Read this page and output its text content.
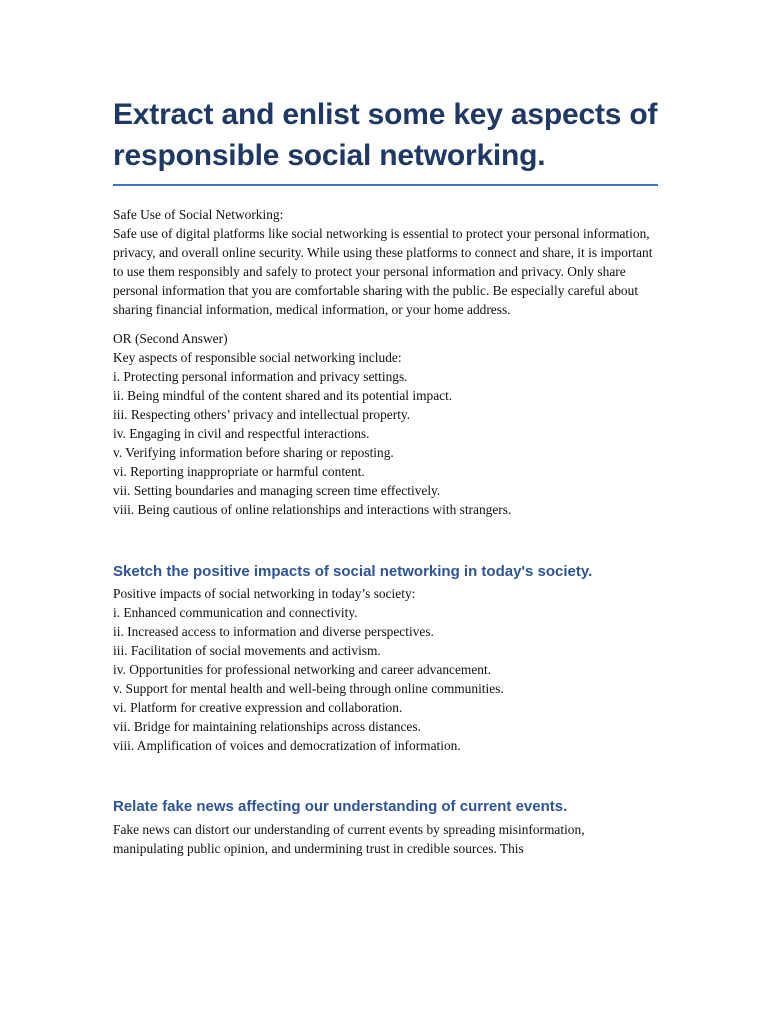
Extract and enlist some key aspects of responsible social networking.

Safe Use of Social Networking:

Safe use of digital platforms like social networking is essential to protect your personal information, privacy, and overall online security. While using these platforms to connect and share, it is important to use them responsibly and safely to protect your personal information and privacy. Only share personal information that you are comfortable sharing with the public. Be especially careful about sharing financial information, medical information, or your home address.

OR (Second Answer)

Key aspects of responsible social networking include:

i. Protecting personal information and privacy settings.
ii. Being mindful of the content shared and its potential impact.
iii. Respecting others’ privacy and intellectual property.
iv. Engaging in civil and respectful interactions.
v. Verifying information before sharing or reposting.
vi. Reporting inappropriate or harmful content.
vii. Setting boundaries and managing screen time effectively.
viii. Being cautious of online relationships and interactions with strangers.
Sketch the positive impacts of social networking in today's society.

Positive impacts of social networking in today’s society:

i. Enhanced communication and connectivity.
ii. Increased access to information and diverse perspectives.
iii. Facilitation of social movements and activism.
iv. Opportunities for professional networking and career advancement.
v. Support for mental health and well-being through online communities.
vi. Platform for creative expression and collaboration.
vii. Bridge for maintaining relationships across distances.
viii. Amplification of voices and democratization of information.
Relate fake news affecting our understanding of current events.

Fake news can distort our understanding of current events by spreading misinformation, manipulating public opinion, and undermining trust in credible sources. This
